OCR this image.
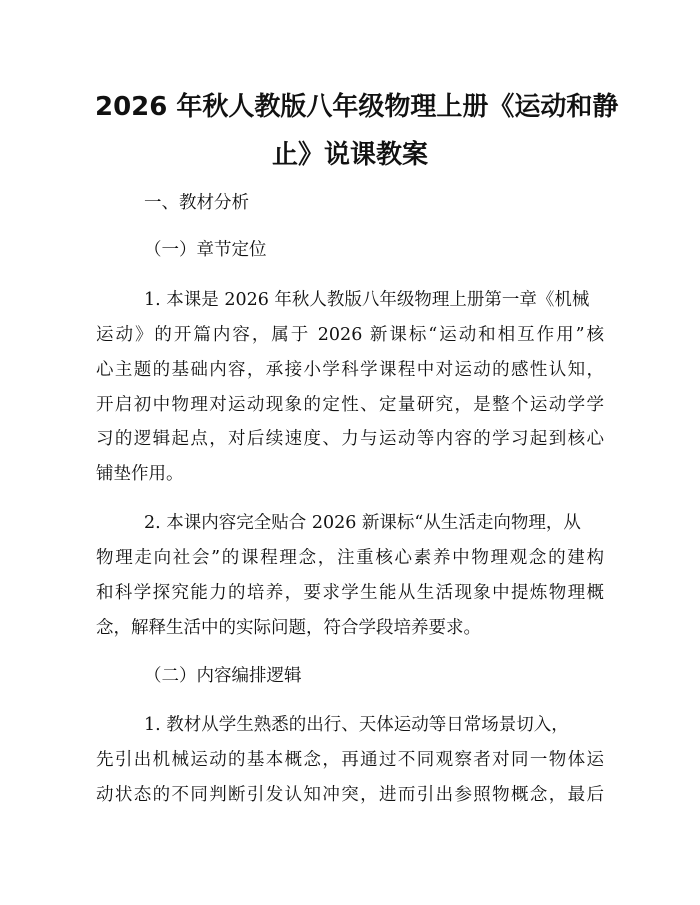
2026 年秋人教版八年级物理上册《运动和静
止》说课教案

一、教材分析

（一）章节定位

1. 本课是 2026 年秋人教版八年级物理上册第一章《机械

运动》的开篇内容，属于 2026 新课标“运动和相互作用”核

心主题的基础内容，承接小学科学课程中对运动的感性认知，

开启初中物理对运动现象的定性、定量研究，是整个运动学学

习的逻辑起点，对后续速度、力与运动等内容的学习起到核心

铺垫作用。

2. 本课内容完全贴合 2026 新课标“从生活走向物理，从

物理走向社会”的课程理念，注重核心素养中物理观念的建构

和科学探究能力的培养，要求学生能从生活现象中提炼物理概

念，解释生活中的实际问题，符合学段培养要求。

（二）内容编排逻辑

1. 教材从学生熟悉的出行、天体运动等日常场景切入，

先引出机械运动的基本概念，再通过不同观察者对同一物体运

动状态的不同判断引发认知冲突，进而引出参照物概念，最后
